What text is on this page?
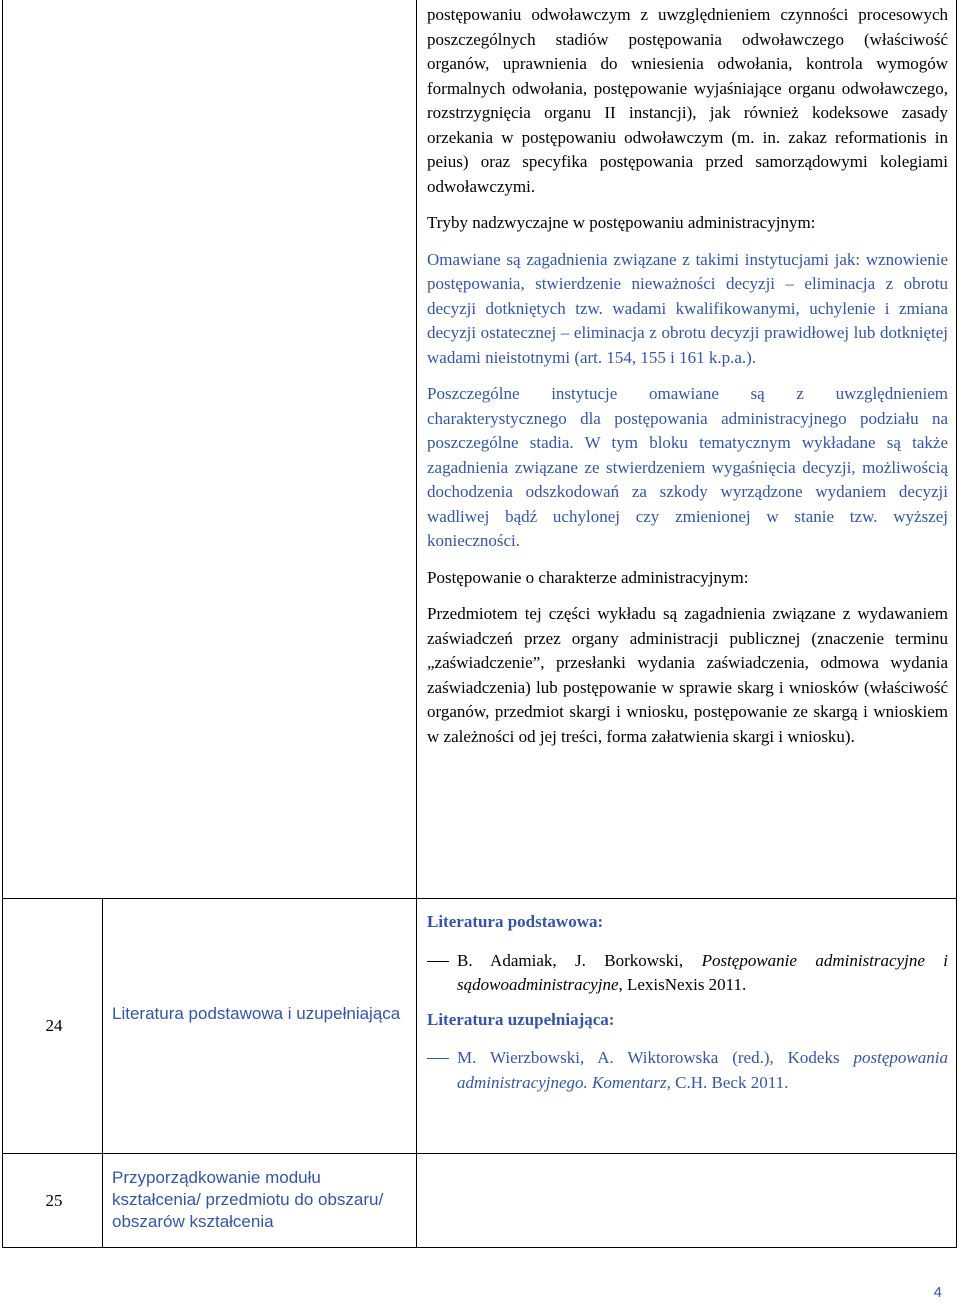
24
Literatura podstawowa i uzupełniająca
25
Przyporządkowanie modułu kształcenia/ przedmiotu do obszaru/ obszarów kształcenia

postępowaniu odwoławczym z uwzględnieniem czynności procesowych poszczególnych stadiów postępowania odwoławczego (właściwość organów, uprawnienia do wniesienia odwołania, kontrola wymogów formalnych odwołania, postępowanie wyjaśniające organu odwoławczego, rozstrzygnięcia organu II instancji), jak również kodeksowe zasady orzekania w postępowaniu odwoławczym (m. in. zakaz reformationis in peius) oraz specyfika postępowania przed samorządowymi kolegiami odwoławczymi.

Tryby nadzwyczajne w postępowaniu administracyjnym:

Omawiane są zagadnienia związane z takimi instytucjami jak: wznowienie postępowania, stwierdzenie nieważności decyzji ‒ eliminacja z obrotu decyzji dotkniętych tzw. wadami kwalifikowanymi, uchylenie i zmiana decyzji ostatecznej ‒ eliminacja z obrotu decyzji prawidłowej lub dotkniętej wadami nieistotnymi (art. 154, 155 i 161 k.p.a.).

Poszczególne instytucje omawiane są z uwzględnieniem charakterystycznego dla postępowania administracyjnego podziału na poszczególne stadia. W tym bloku tematycznym wykładane są także zagadnienia związane ze stwierdzeniem wygaśnięcia decyzji, możliwością dochodzenia odszkodowań za szkody wyrządzone wydaniem decyzji wadliwej bądź uchylonej czy zmienionej w stanie tzw. wyższej konieczności.

Postępowanie o charakterze administracyjnym:

Przedmiotem tej części wykładu są zagadnienia związane z wydawaniem zaświadczeń przez organy administracji publicznej (znaczenie terminu „zaświadczenie”, przesłanki wydania zaświadczenia, odmowa wydania zaświadczenia) lub postępowanie w sprawie skarg i wniosków (właściwość organów, przedmiot skargi i wniosku, postępowanie ze skargą i wnioskiem w zależności od jej treści, forma załatwienia skargi i wniosku).

Literatura podstawowa:

B. Adamiak, J. Borkowski, Postępowanie administracyjne i sądowoadministracyjne, LexisNexis 2011.

Literatura uzupełniająca:

M. Wierzbowski, A. Wiktorowska (red.), Kodeks postępowania administracyjnego. Komentarz, C.H. Beck 2011.

4
